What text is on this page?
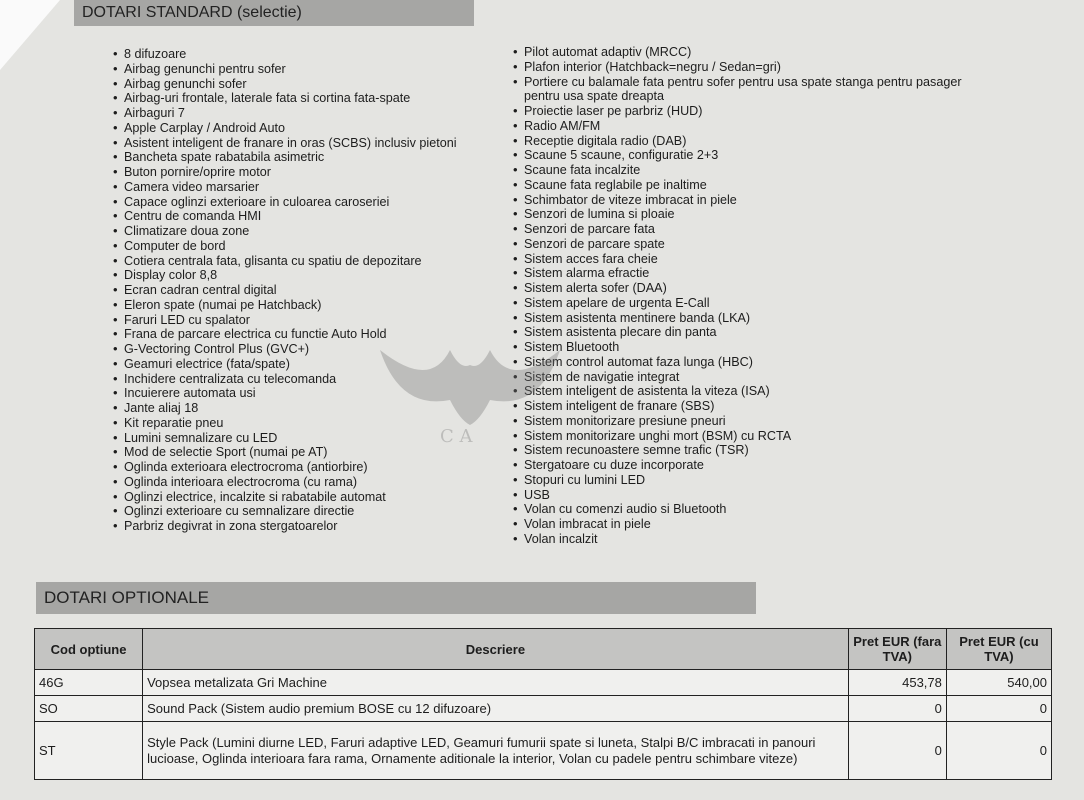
DOTARI STANDARD (selectie)
• 8 difuzoare
• Airbag genunchi pentru sofer
• Airbag genunchi sofer
• Airbag-uri frontale, laterale fata si cortina fata-spate
• Airbaguri 7
• Apple Carplay / Android Auto
• Asistent inteligent de franare in oras (SCBS) inclusiv pietoni
• Bancheta spate rabatabila asimetric
• Buton pornire/oprire motor
• Camera video marsarier
• Capace oglinzi exterioare in culoarea caroseriei
• Centru de comanda HMI
• Climatizare doua zone
• Computer de bord
• Cotiera centrala fata, glisanta cu spatiu de depozitare
• Display color 8,8
• Ecran cadran central digital
• Eleron spate (numai pe Hatchback)
• Faruri LED cu spalator
• Frana de parcare electrica cu functie Auto Hold
• G-Vectoring Control Plus (GVC+)
• Geamuri electrice (fata/spate)
• Inchidere centralizata cu telecomanda
• Incuierere automata usi
• Jante aliaj 18
• Kit reparatie pneu
• Lumini semnalizare cu LED
• Mod de selectie Sport (numai pe AT)
• Oglinda exterioara electrocroma (antiorbire)
• Oglinda interioara electrocroma (cu rama)
• Oglinzi electrice, incalzite si rabatabile automat
• Oglinzi exterioare cu semnalizare directie
• Parbriz degivrat in zona stergatoarelor
• Pilot automat adaptiv (MRCC)
• Plafon interior (Hatchback=negru / Sedan=gri)
• Portiere cu balamale fata pentru sofer pentru usa spate stanga pentru pasager pentru usa spate dreapta
• Proiectie laser pe parbriz (HUD)
• Radio AM/FM
• Receptie digitala radio (DAB)
• Scaune 5 scaune, configuratie 2+3
• Scaune fata incalzite
• Scaune fata reglabile pe inaltime
• Schimbator de viteze imbracat in piele
• Senzori de lumina si ploaie
• Senzori de parcare fata
• Senzori de parcare spate
• Sistem acces fara cheie
• Sistem alarma efractie
• Sistem alerta sofer (DAA)
• Sistem apelare de urgenta E-Call
• Sistem asistenta mentinere banda (LKA)
• Sistem asistenta plecare din panta
• Sistem Bluetooth
• Sistem control automat faza lunga (HBC)
• Sistem de navigatie integrat
• Sistem inteligent de asistenta la viteza (ISA)
• Sistem inteligent de franare (SBS)
• Sistem monitorizare presiune pneuri
• Sistem monitorizare unghi mort (BSM) cu RCTA
• Sistem recunoastere semne trafic (TSR)
• Stergatoare cu duze incorporate
• Stopuri cu lumini LED
• USB
• Volan cu comenzi audio si Bluetooth
• Volan imbracat in piele
• Volan incalzit
C A
DOTARI OPTIONALE
Cod optiune	Descriere	Pret EUR (fara TVA)	Pret EUR (cu TVA)
46G	Vopsea metalizata Gri Machine	453,78	540,00
SO	Sound Pack (Sistem audio premium BOSE cu 12 difuzoare)	0	0
ST	Style Pack (Lumini diurne LED, Faruri adaptive LED, Geamuri fumurii spate si luneta, Stalpi B/C imbracati in panouri lucioase, Oglinda interioara fara rama, Ornamente aditionale la interior, Volan cu padele pentru schimbare viteze)	0	0
